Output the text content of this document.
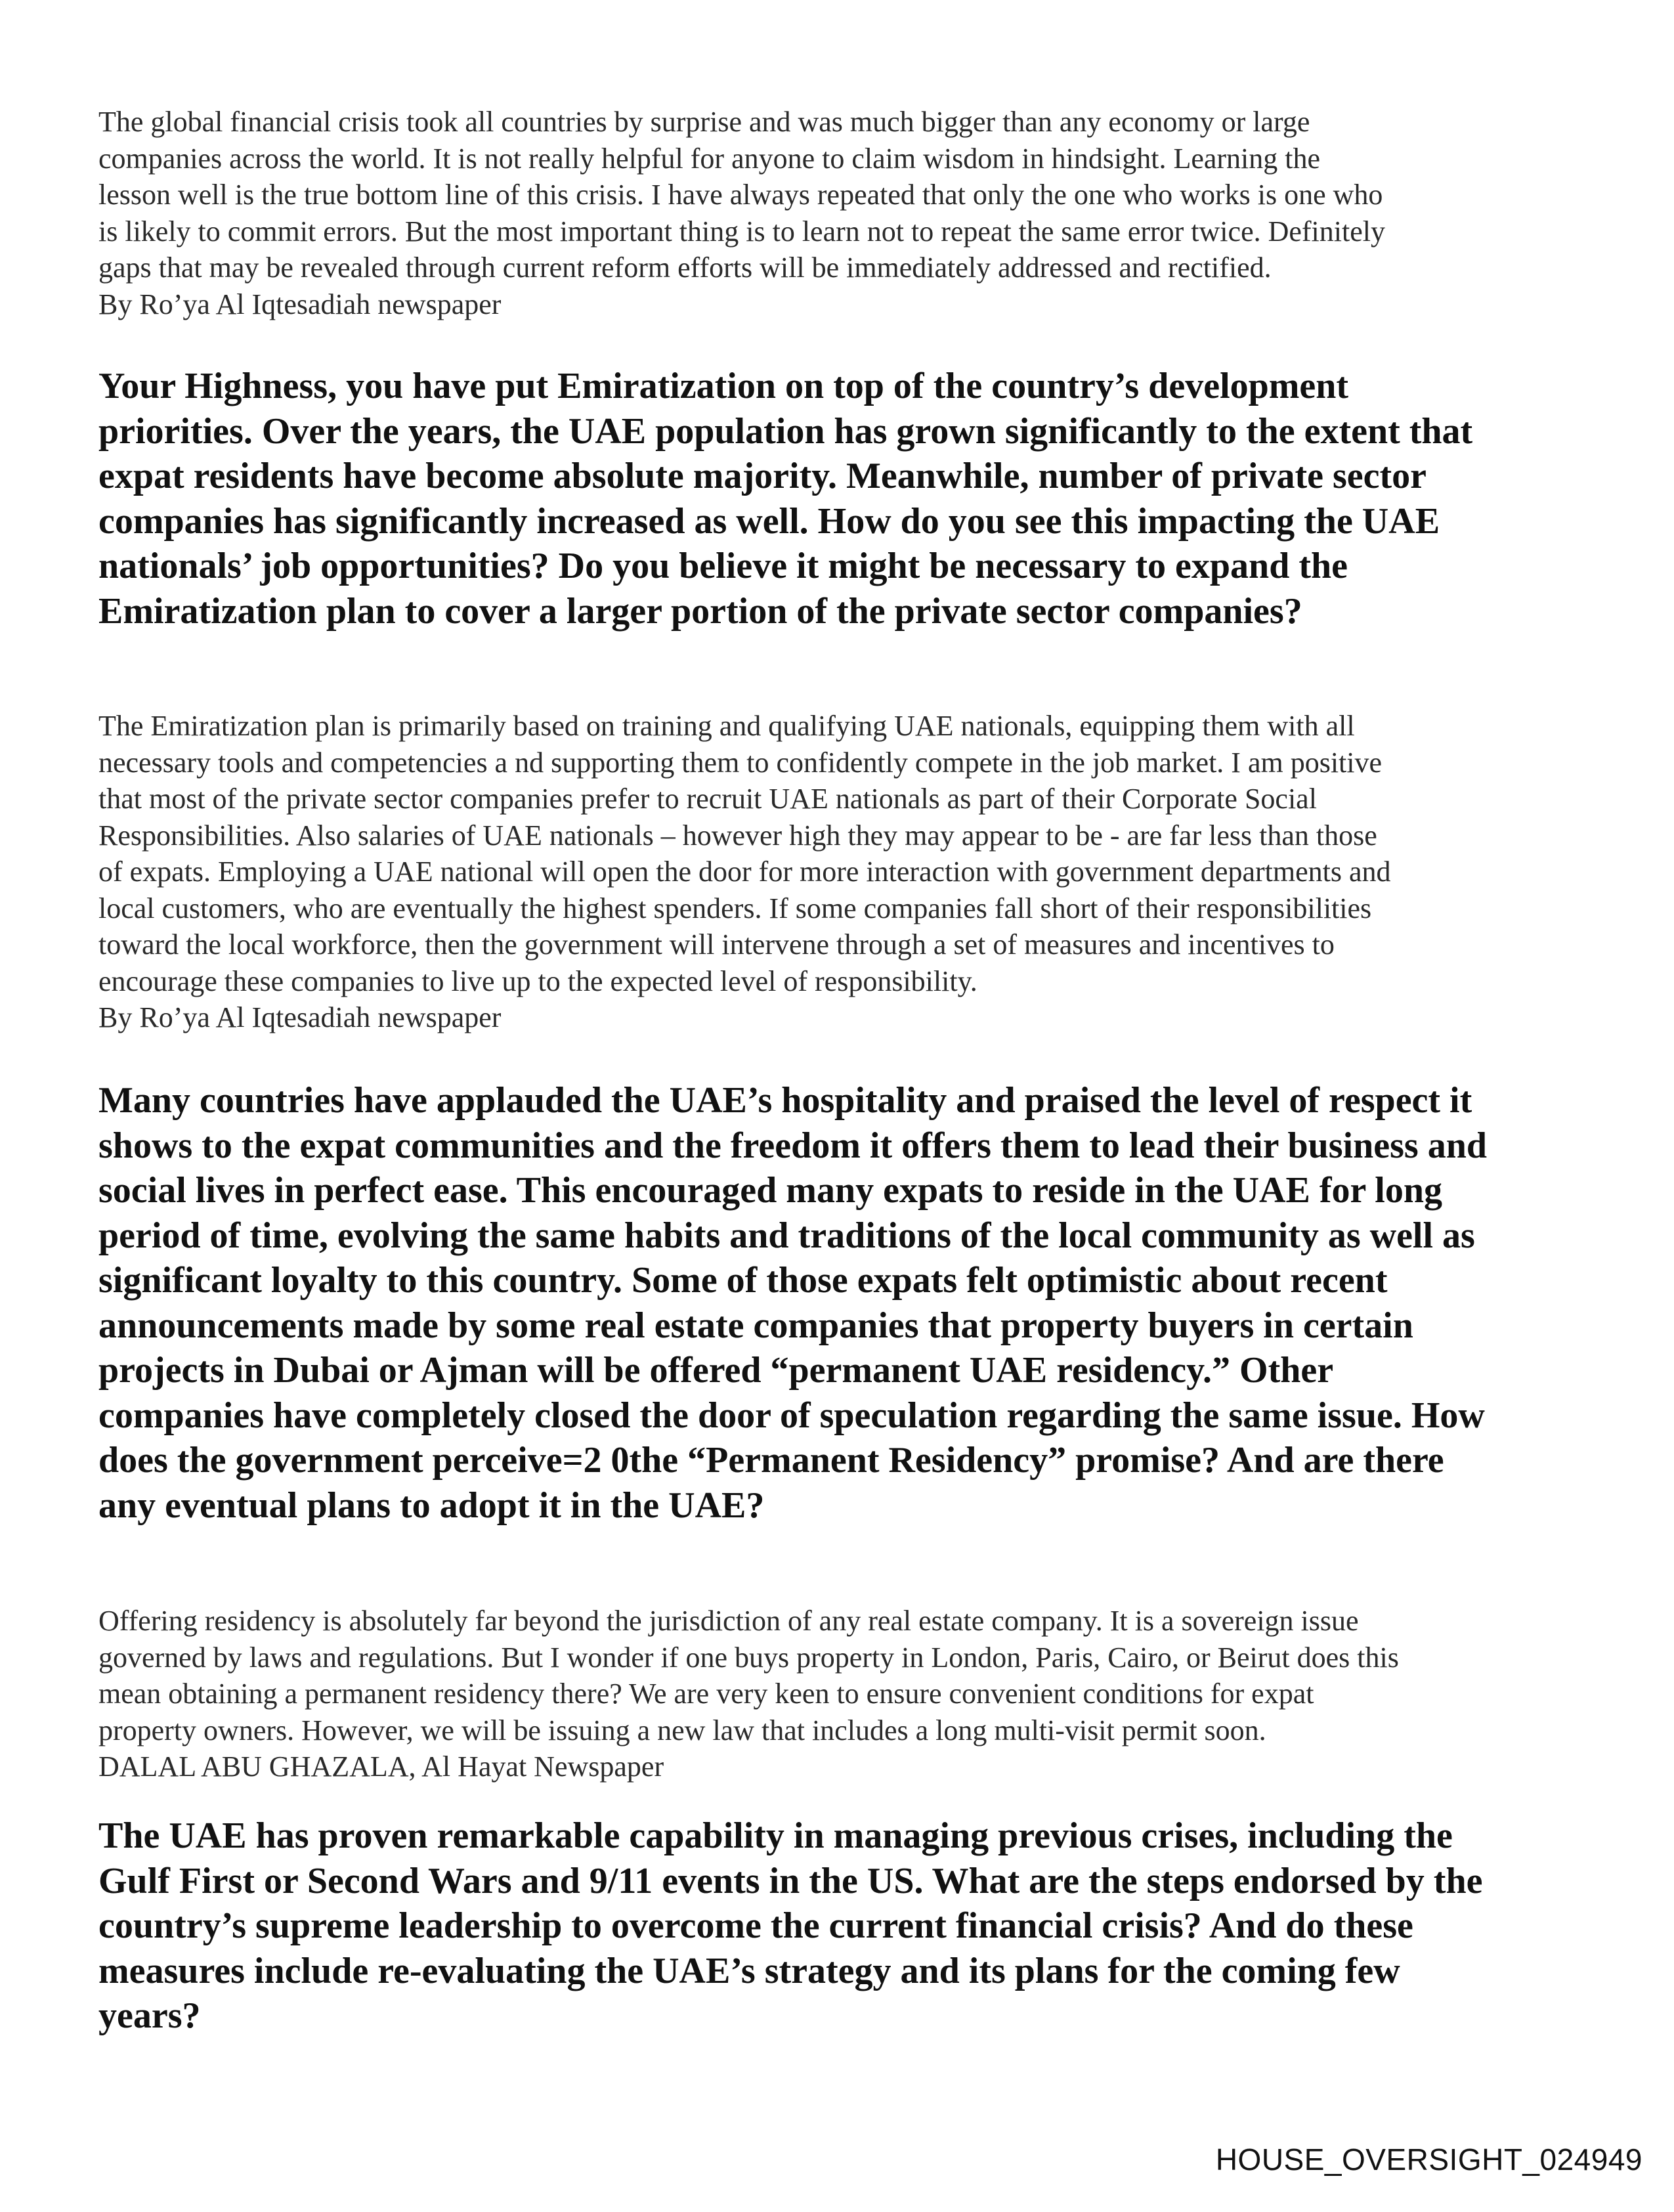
The global financial crisis took all countries by surprise and was much bigger than any economy or large
companies across the world. It is not really helpful for anyone to claim wisdom in hindsight. Learning the
lesson well is the true bottom line of this crisis. I have always repeated that only the one who works is one who
is likely to commit errors. But the most important thing is to learn not to repeat the same error twice. Definitely
gaps that may be revealed through current reform efforts will be immediately addressed and rectified.

By Ro’ya Al Iqtesadiah newspaper

Your Highness, you have put Emiratization on top of the country’s development
priorities. Over the years, the UAE population has grown significantly to the extent that
expat residents have become absolute majority. Meanwhile, number of private sector
companies has significantly increased as well. How do you see this impacting the UAE
nationals’ job opportunities? Do you believe it might be necessary to expand the
Emiratization plan to cover a larger portion of the private sector companies?

The Emiratization plan is primarily based on training and qualifying UAE nationals, equipping them with all
necessary tools and competencies a nd supporting them to confidently compete in the job market. I am positive
that most of the private sector companies prefer to recruit UAE nationals as part of their Corporate Social
Responsibilities. Also salaries of UAE nationals – however high they may appear to be - are far less than those
of expats. Employing a UAE national will open the door for more interaction with government departments and
local customers, who are eventually the highest spenders. If some companies fall short of their responsibilities
toward the local workforce, then the government will intervene through a set of measures and incentives to
encourage these companies to live up to the expected level of responsibility.

By Ro’ya Al Iqtesadiah newspaper

Many countries have applauded the UAE’s hospitality and praised the level of respect it
shows to the expat communities and the freedom it offers them to lead their business and
social lives in perfect ease. This encouraged many expats to reside in the UAE for long
period of time, evolving the same habits and traditions of the local community as well as
significant loyalty to this country. Some of those expats felt optimistic about recent
announcements made by some real estate companies that property buyers in certain
projects in Dubai or Ajman will be offered “permanent UAE residency.” Other
companies have completely closed the door of speculation regarding the same issue. How
does the government perceive=2 0the “Permanent Residency” promise? And are there
any eventual plans to adopt it in the UAE?

Offering residency is absolutely far beyond the jurisdiction of any real estate company. It is a sovereign issue
governed by laws and regulations. But I wonder if one buys property in London, Paris, Cairo, or Beirut does this
mean obtaining a permanent residency there? We are very keen to ensure convenient conditions for expat
property owners. However, we will be issuing a new law that includes a long multi-visit permit soon.

DALAL ABU GHAZALA, Al Hayat Newspaper

The UAE has proven remarkable capability in managing previous crises, including the
Gulf First or Second Wars and 9/11 events in the US. What are the steps endorsed by the
country’s supreme leadership to overcome the current financial crisis? And do these
measures include re-evaluating the UAE’s strategy and its plans for the coming few
years?
HOUSE_OVERSIGHT_024949
